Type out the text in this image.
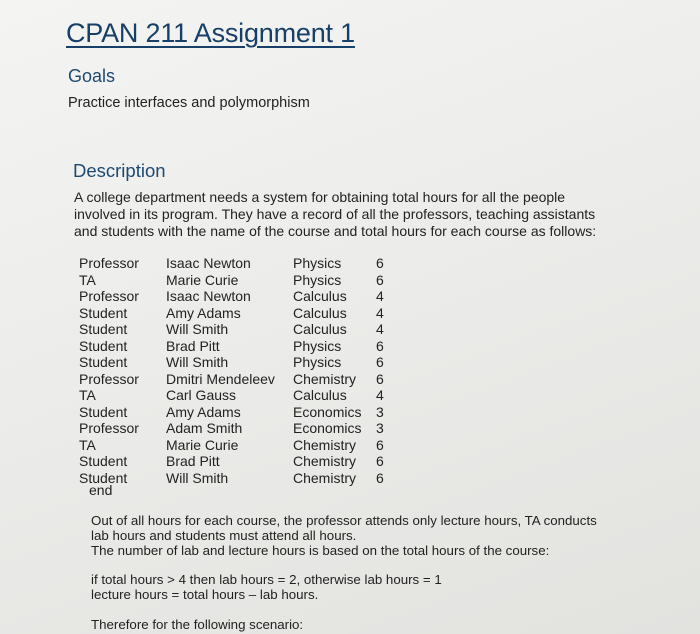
CPAN 211 Assignment 1
Goals
Practice interfaces and polymorphism
Description
A college department needs a system for obtaining total hours for all the people
involved in its program. They have a record of all the professors, teaching assistants
and students with the name of the course and total hours for each course as follows:
Professor Isaac Newton	Physics 6
TA	Marie Curie	Physics 6
Professor Isaac Newton	Calculus 4
Student	Amy Adams	Calculus 4
Student	Will Smith	Calculus 4
Student	Brad Pitt	Physics 6
Student	Will Smith	Physics 6
Professor Dmitri Mendeleev Chemistry 6
TA	Carl Gauss	Calculus 4
Student	Amy Adams	Economics 3
Professor Adam Smith	Economics 3
TA	Marie Curie	Chemistry 6
Student	Brad Pitt	Chemistry 6
Student	Will Smith	Chemistry 6
end
Out of all hours for each course, the professor attends only lecture hours, TA conducts
lab hours and students must attend all hours.
The number of lab and lecture hours is based on the total hours of the course:
if total hours > 4 then lab hours = 2, otherwise lab hours = 1
lecture hours = total hours – lab hours.
Therefore for the following scenario:
